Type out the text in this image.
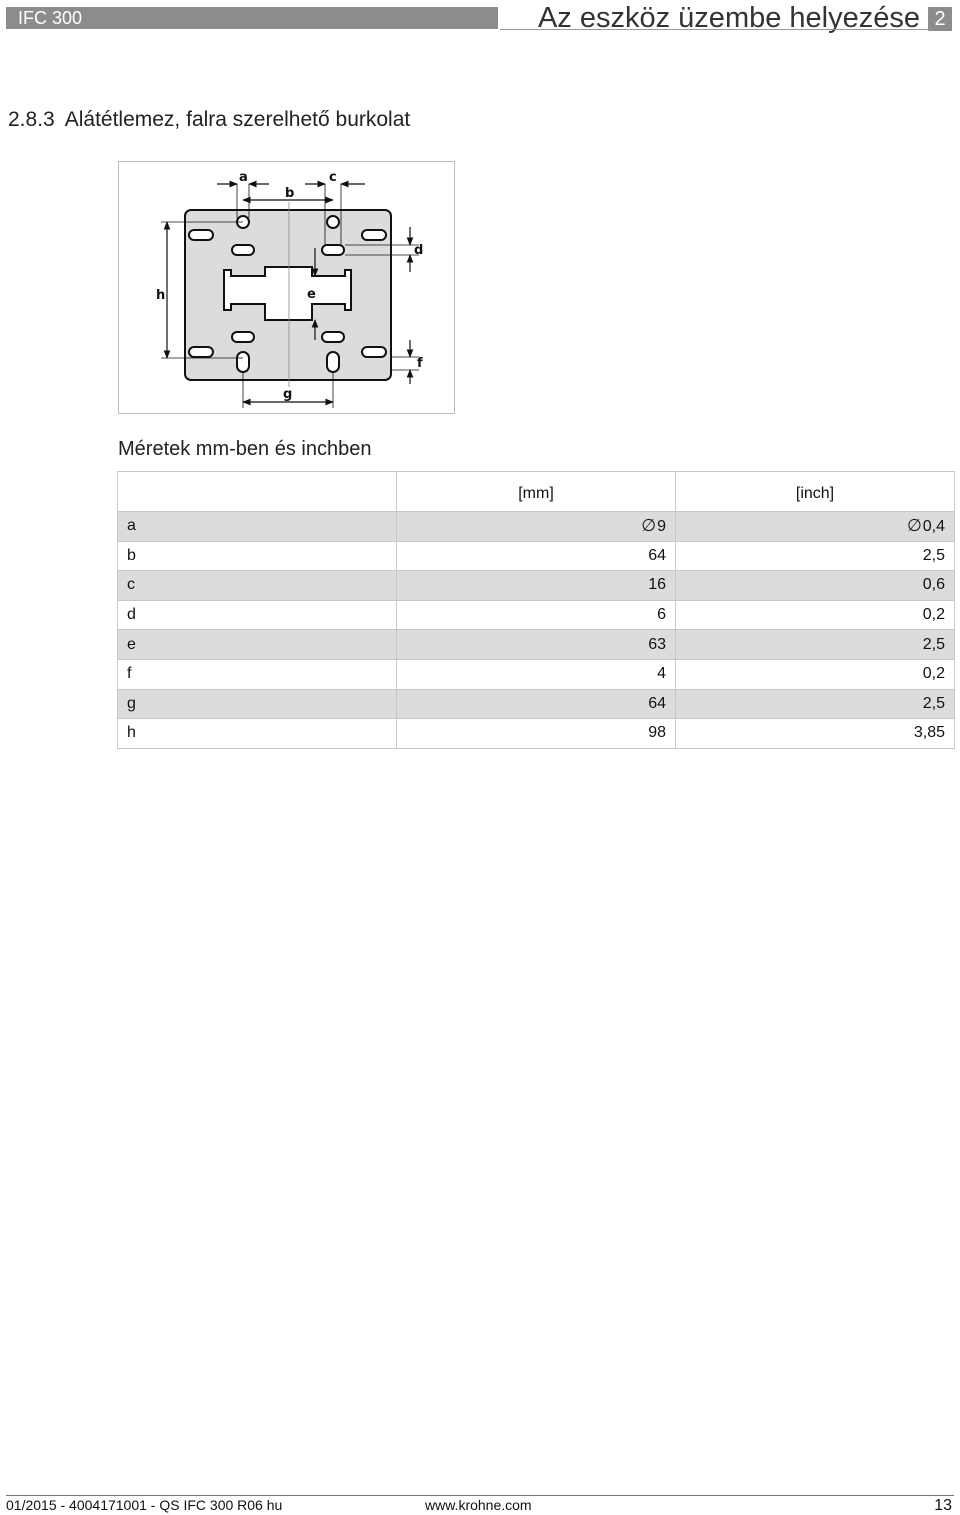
IFC 300	Az eszköz üzembe helyezése 2
2.8.3 Alátétlemez, falra szerelhető burkolat
a
b
c
d
e
f
g
h
Méretek mm-ben és inchben
	[mm]	[inch]
a	∅9	∅0,4
b	64	2,5
c	16	0,6
d	6	0,2
e	63	2,5
f	4	0,2
g	64	2,5
h	98	3,85
01/2015 - 4004171001 - QS IFC 300 R06 hu	www.krohne.com	13
